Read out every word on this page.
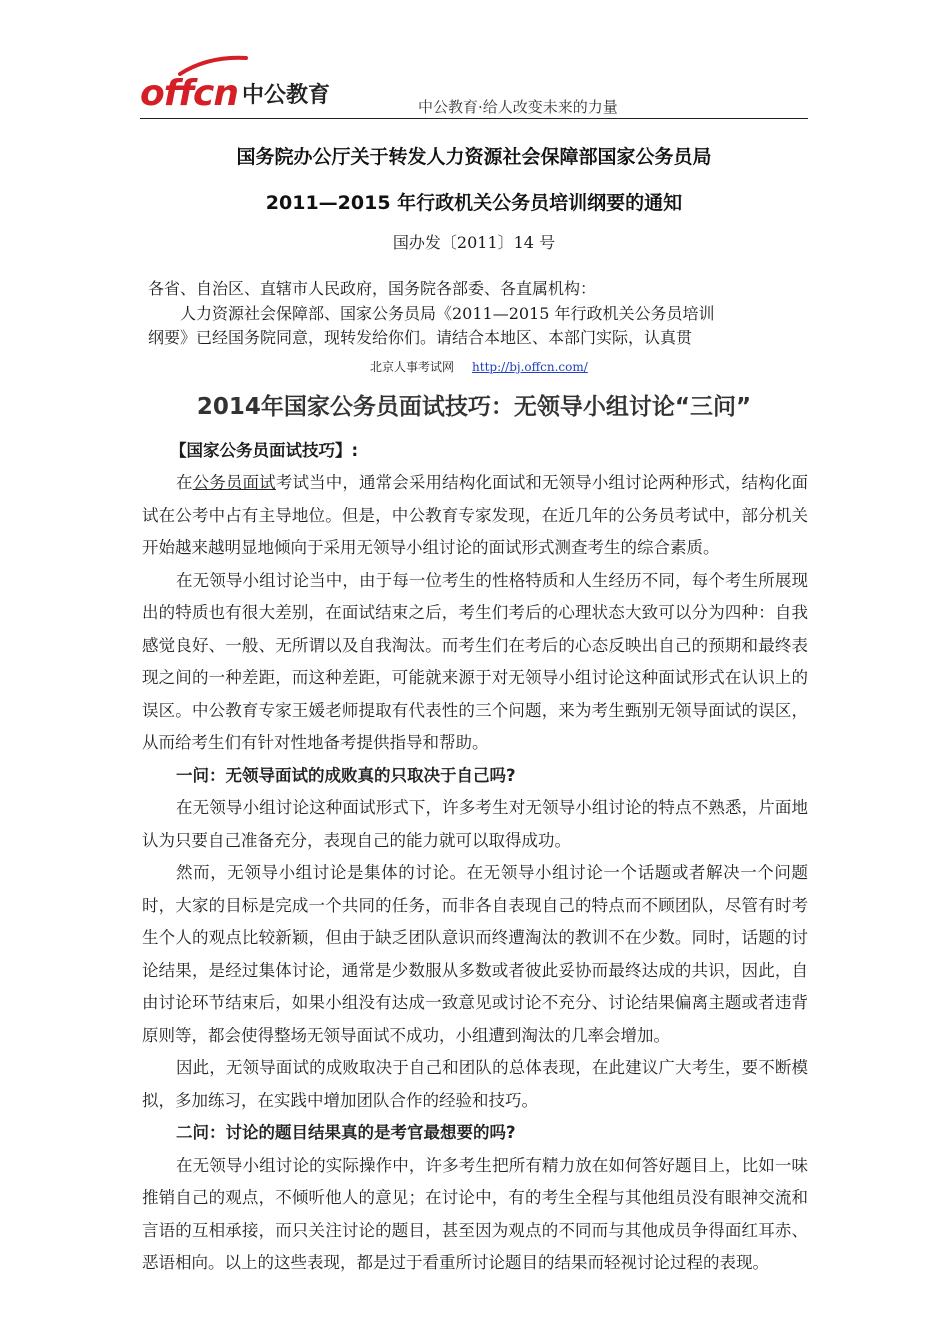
offcn 中公教育	中公教育·给人改变未来的力量
国务院办公厅关于转发人力资源社会保障部国家公务员局
2011—2015 年行政机关公务员培训纲要的通知
国办发〔2011〕14 号
各省、自治区、直辖市人民政府，国务院各部委、各直属机构：
人力资源社会保障部、国家公务员局《2011—2015 年行政机关公务员培训
纲要》已经国务院同意，现转发给你们。请结合本地区、本部门实际，认真贯
北京人事考试网 http://bj.offcn.com/
2014年国家公务员面试技巧：无领导小组讨论“三问”
【国家公务员面试技巧】:

在公务员面试考试当中，通常会采用结构化面试和无领导小组讨论两种形式，结构化面试在公考中占有主导地位。但是，中公教育专家发现，在近几年的公务员考试中，部分机关开始越来越明显地倾向于采用无领导小组讨论的面试形式测查考生的综合素质。

在无领导小组讨论当中，由于每一位考生的性格特质和人生经历不同，每个考生所展现出的特质也有很大差别，在面试结束之后，考生们考后的心理状态大致可以分为四种：自我感觉良好、一般、无所谓以及自我淘汰。而考生们在考后的心态反映出自己的预期和最终表现之间的一种差距，而这种差距，可能就来源于对无领导小组讨论这种面试形式在认识上的误区。中公教育专家王媛老师提取有代表性的三个问题，来为考生甄别无领导面试的误区，从而给考生们有针对性地备考提供指导和帮助。

一问：无领导面试的成败真的只取决于自己吗?

在无领导小组讨论这种面试形式下，许多考生对无领导小组讨论的特点不熟悉，片面地认为只要自己准备充分，表现自己的能力就可以取得成功。

然而，无领导小组讨论是集体的讨论。在无领导小组讨论一个话题或者解决一个问题时，大家的目标是完成一个共同的任务，而非各自表现自己的特点而不顾团队，尽管有时考生个人的观点比较新颖，但由于缺乏团队意识而终遭淘汰的教训不在少数。同时，话题的讨论结果，是经过集体讨论，通常是少数服从多数或者彼此妥协而最终达成的共识，因此，自由讨论环节结束后，如果小组没有达成一致意见或讨论不充分、讨论结果偏离主题或者违背原则等，都会使得整场无领导面试不成功，小组遭到淘汰的几率会增加。

因此，无领导面试的成败取决于自己和团队的总体表现，在此建议广大考生，要不断模拟，多加练习，在实践中增加团队合作的经验和技巧。

二问：讨论的题目结果真的是考官最想要的吗?

在无领导小组讨论的实际操作中，许多考生把所有精力放在如何答好题目上，比如一味推销自己的观点，不倾听他人的意见；在讨论中，有的考生全程与其他组员没有眼神交流和言语的互相承接，而只关注讨论的题目，甚至因为观点的不同而与其他成员争得面红耳赤、恶语相向。以上的这些表现，都是过于看重所讨论题目的结果而轻视讨论过程的表现。
